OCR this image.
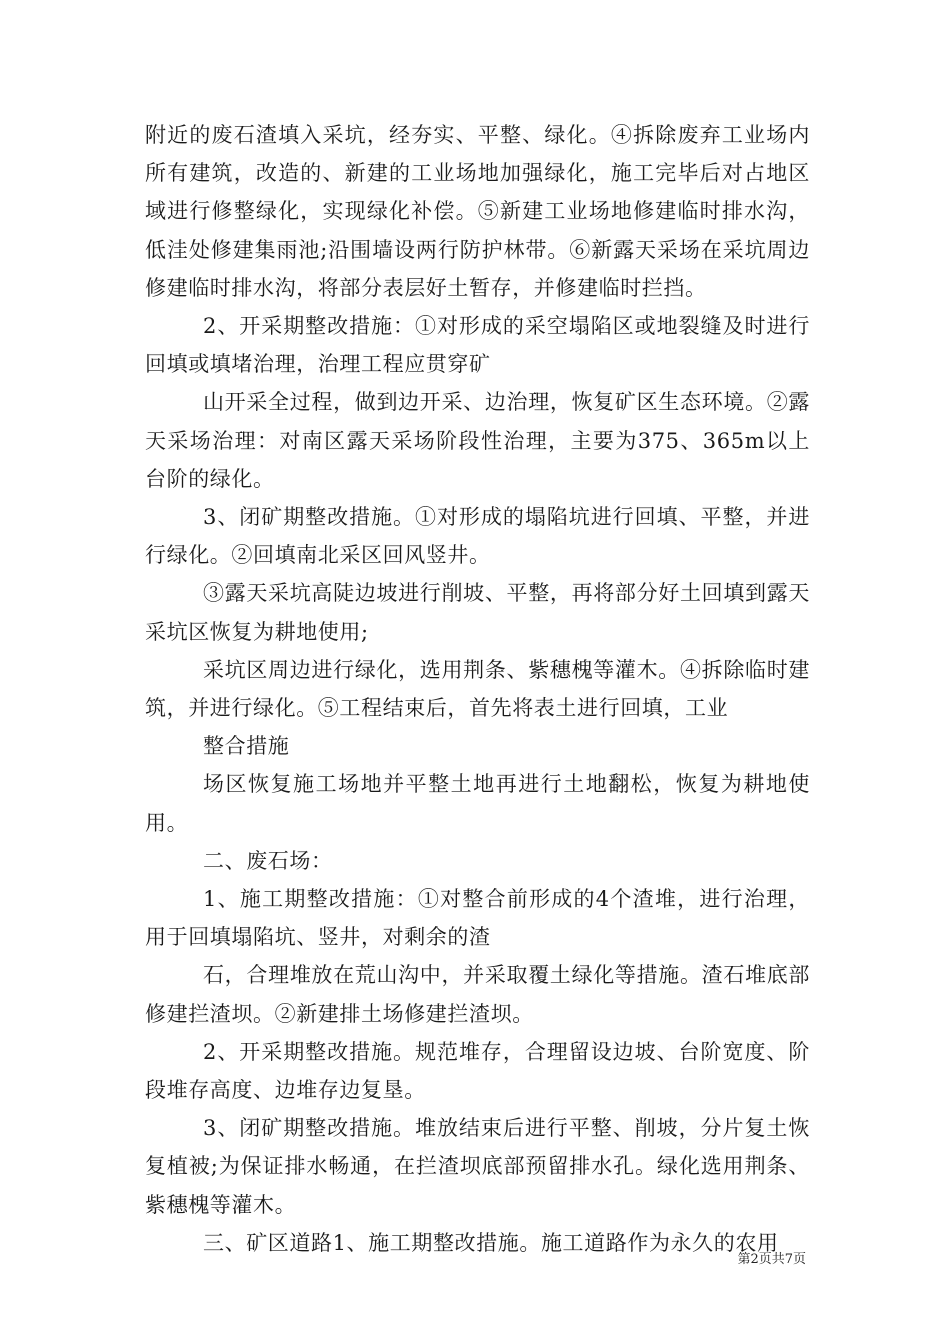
附近的废石渣填入采坑，经夯实、平整、绿化。④拆除废弃工业场内所有建筑，改造的、新建的工业场地加强绿化，施工完毕后对占地区域进行修整绿化，实现绿化补偿。⑤新建工业场地修建临时排水沟，低洼处修建集雨池;沿围墙设两行防护林带。⑥新露天采场在采坑周边修建临时排水沟，将部分表层好土暂存，并修建临时拦挡。

2、开采期整改措施：①对形成的采空塌陷区或地裂缝及时进行回填或填堵治理，治理工程应贯穿矿

山开采全过程，做到边开采、边治理，恢复矿区生态环境。②露天采场治理：对南区露天采场阶段性治理，主要为375、365m以上台阶的绿化。

3、闭矿期整改措施。①对形成的塌陷坑进行回填、平整，并进行绿化。②回填南北采区回风竖井。

③露天采坑高陡边坡进行削坡、平整，再将部分好土回填到露天采坑区恢复为耕地使用;

采坑区周边进行绿化，选用荆条、紫穗槐等灌木。④拆除临时建筑，并进行绿化。⑤工程结束后，首先将表土进行回填，工业

整合措施

场区恢复施工场地并平整土地再进行土地翻松，恢复为耕地使用。

二、废石场：

1、施工期整改措施：①对整合前形成的4个渣堆，进行治理，用于回填塌陷坑、竖井，对剩余的渣

石，合理堆放在荒山沟中，并采取覆土绿化等措施。渣石堆底部修建拦渣坝。②新建排土场修建拦渣坝。

2、开采期整改措施。规范堆存，合理留设边坡、台阶宽度、阶段堆存高度、边堆存边复垦。

3、闭矿期整改措施。堆放结束后进行平整、削坡，分片复土恢复植被;为保证排水畅通，在拦渣坝底部预留排水孔。绿化选用荆条、紫穗槐等灌木。

三、矿区道路1、施工期整改措施。施工道路作为永久的农用

第2页共7页
